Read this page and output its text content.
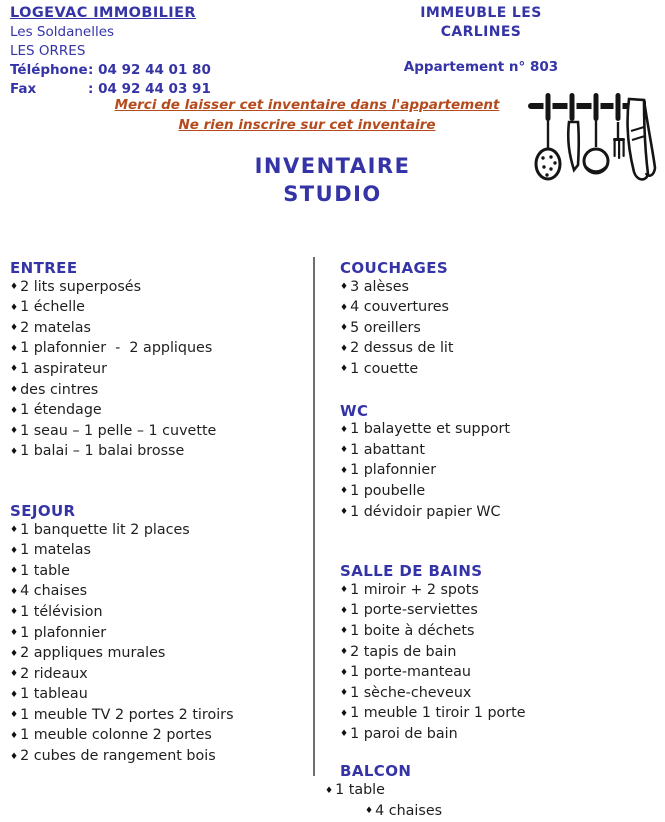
LOGEVAC IMMOBILIER
Les Soldanelles
LES ORRES
Téléphone: 04 92 44 01 80
Fax	: 04 92 44 03 91
IMMEUBLE LES CARLINES
Appartement n° 803
Merci de laisser cet inventaire dans l'appartement
Ne rien inscrire sur cet inventaire
INVENTAIRE
STUDIO
ENTREE
♦ 2 lits superposés
♦ 1 échelle
♦ 2 matelas
♦ 1 plafonnier  -  2 appliques
♦ 1 aspirateur
♦ des cintres
♦ 1 étendage
♦ 1 seau – 1 pelle – 1 cuvette
♦ 1 balai – 1 balai brosse
SEJOUR
♦ 1 banquette lit 2 places
♦ 1 matelas
♦ 1 table
♦ 4 chaises
♦ 1 télévision
♦ 1 plafonnier
♦ 2 appliques murales
♦ 2 rideaux
♦ 1 tableau
♦ 1 meuble TV 2 portes 2 tiroirs
♦ 1 meuble colonne 2 portes
♦ 2 cubes de rangement bois
COUCHAGES
♦ 3 alèses
♦ 4 couvertures
♦ 5 oreillers
♦ 2 dessus de lit
♦ 1 couette
WC
♦ 1 balayette et support
♦ 1 abattant
♦ 1 plafonnier
♦ 1 poubelle
♦ 1 dévidoir papier WC
SALLE DE BAINS
♦ 1 miroir + 2 spots
♦ 1 porte-serviettes
♦ 1 boite à déchets
♦ 2 tapis de bain
♦ 1 porte-manteau
♦ 1 sèche-cheveux
♦ 1 meuble 1 tiroir 1 porte
♦ 1 paroi de bain
BALCON
♦ 1 table
♦ 4 chaises
